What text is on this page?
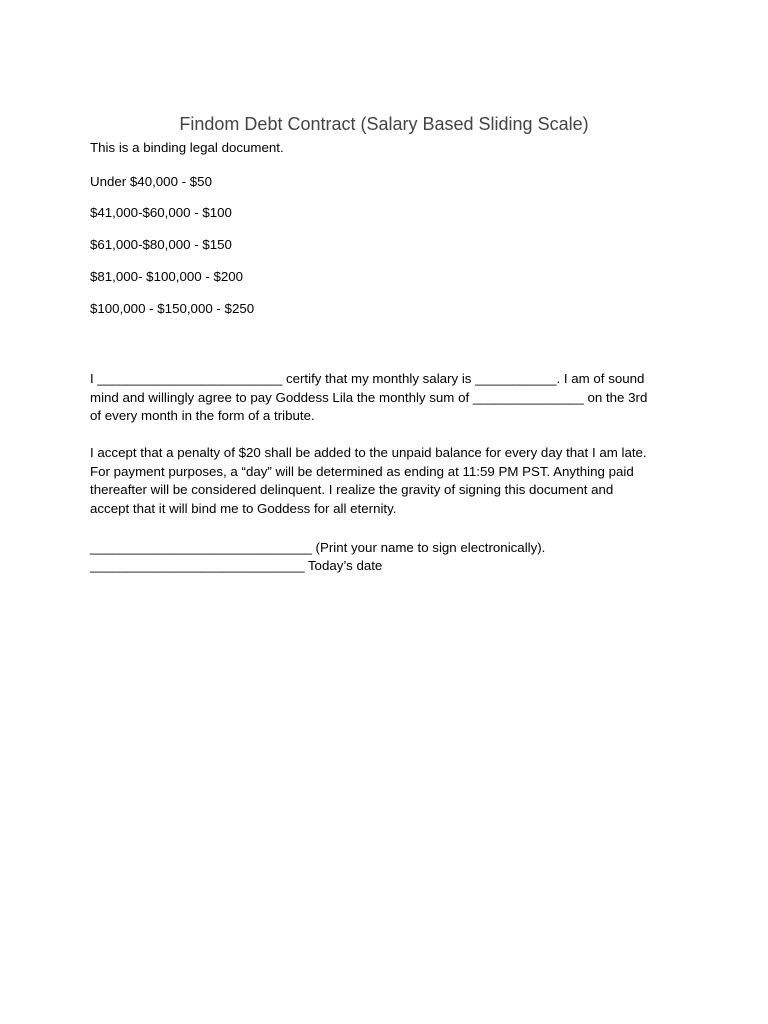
Findom Debt Contract (Salary Based Sliding Scale)
This is a binding legal document.
Under $40,000 - $50
$41,000-$60,000 - $100
$61,000-$80,000 - $150
$81,000- $100,000 - $200
$100,000 - $150,000 - $250
I _________________________ certify that my monthly salary is ___________. I am of sound
mind and willingly agree to pay Goddess Lila the monthly sum of _______________ on the 3rd
of every month in the form of a tribute.
I accept that a penalty of $20 shall be added to the unpaid balance for every day that I am late.
For payment purposes, a “day” will be determined as ending at 11:59 PM PST. Anything paid
thereafter will be considered delinquent. I realize the gravity of signing this document and
accept that it will bind me to Goddess for all eternity.
______________________________ (Print your name to sign electronically).
_____________________________ Today’s date
